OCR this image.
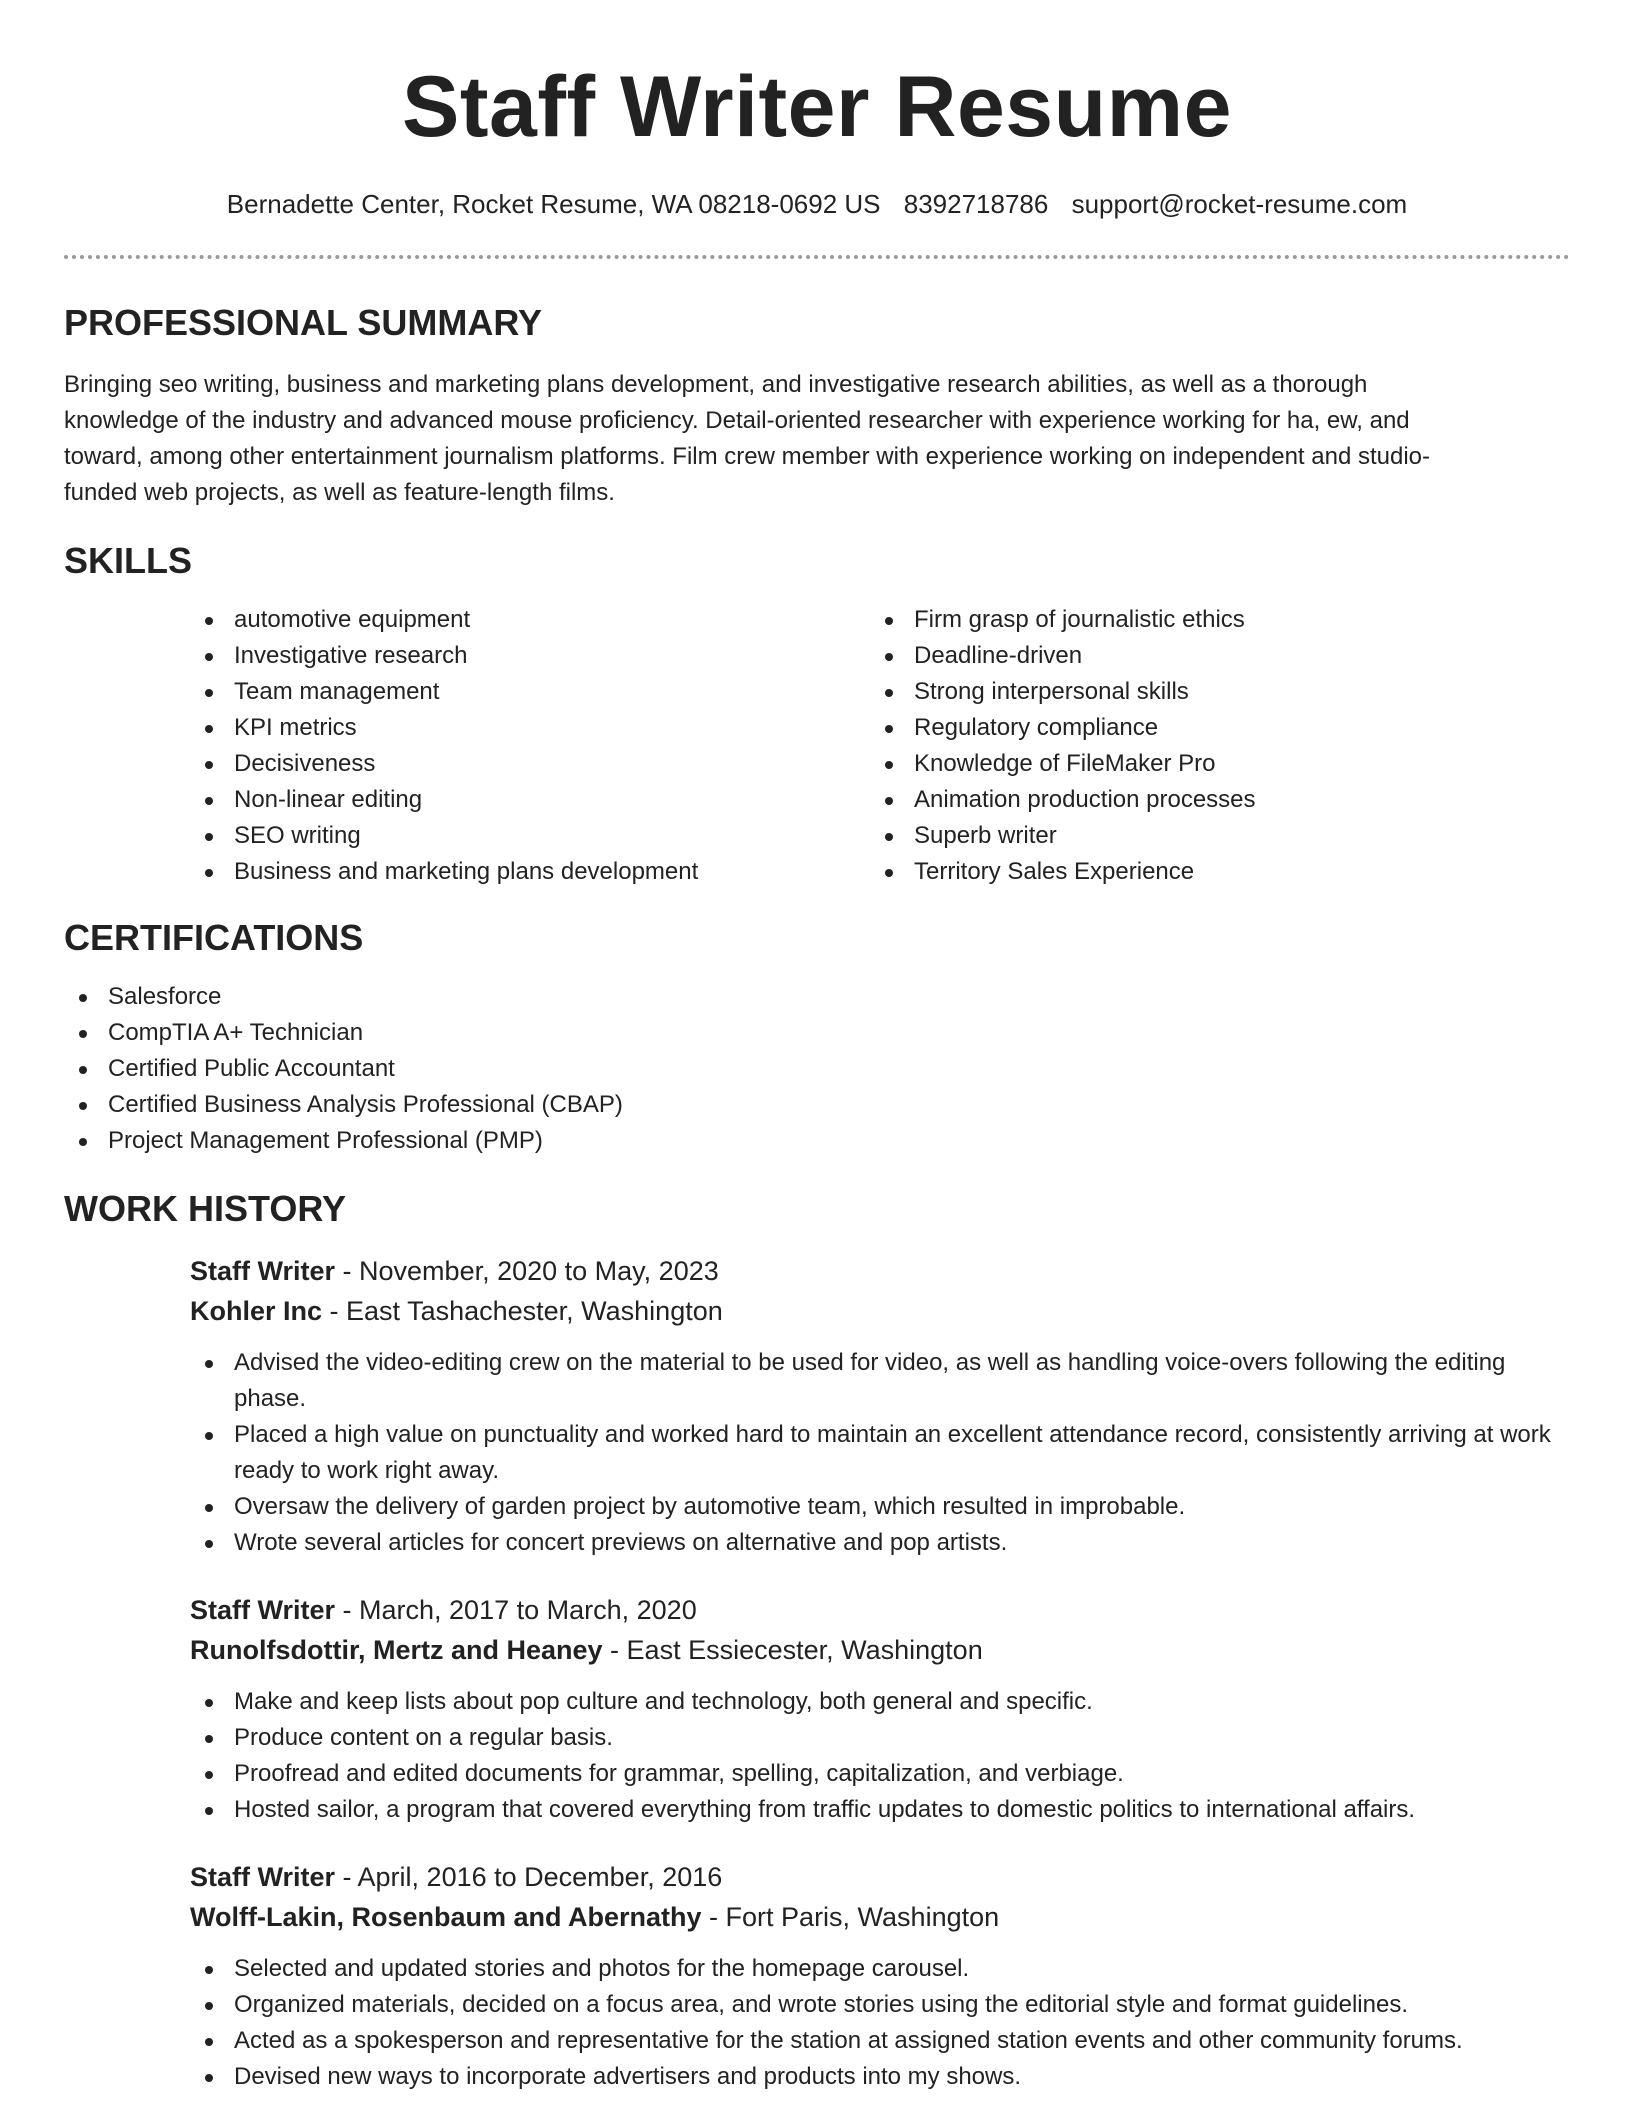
Staff Writer Resume
Bernadette Center, Rocket Resume, WA 08218-0692 US 8392718786 support@rocket-resume.com
PROFESSIONAL SUMMARY

Bringing seo writing, business and marketing plans development, and investigative research abilities, as well as a thorough knowledge of the industry and advanced mouse proficiency. Detail-oriented researcher with experience working for ha, ew, and toward, among other entertainment journalism platforms. Film crew member with experience working on independent and studio-funded web projects, as well as feature-length films.

SKILLS
automotive equipment
Investigative research
Team management
KPI metrics
Decisiveness
Non-linear editing
SEO writing
Business and marketing plans development
Firm grasp of journalistic ethics
Deadline-driven
Strong interpersonal skills
Regulatory compliance
Knowledge of FileMaker Pro
Animation production processes
Superb writer
Territory Sales Experience
CERTIFICATIONS
Salesforce
CompTIA A+ Technician
Certified Public Accountant
Certified Business Analysis Professional (CBAP)
Project Management Professional (PMP)
WORK HISTORY
Staff Writer - November, 2020 to May, 2023
Kohler Inc - East Tashachester, Washington
Advised the video-editing crew on the material to be used for video, as well as handling voice-overs following the editing phase.
Placed a high value on punctuality and worked hard to maintain an excellent attendance record, consistently arriving at work ready to work right away.
Oversaw the delivery of garden project by automotive team, which resulted in improbable.
Wrote several articles for concert previews on alternative and pop artists.
Staff Writer - March, 2017 to March, 2020
Runolfsdottir, Mertz and Heaney - East Essiecester, Washington
Make and keep lists about pop culture and technology, both general and specific.
Produce content on a regular basis.
Proofread and edited documents for grammar, spelling, capitalization, and verbiage.
Hosted sailor, a program that covered everything from traffic updates to domestic politics to international affairs.
Staff Writer - April, 2016 to December, 2016
Wolff-Lakin, Rosenbaum and Abernathy - Fort Paris, Washington
Selected and updated stories and photos for the homepage carousel.
Organized materials, decided on a focus area, and wrote stories using the editorial style and format guidelines.
Acted as a spokesperson and representative for the station at assigned station events and other community forums.
Devised new ways to incorporate advertisers and products into my shows.
